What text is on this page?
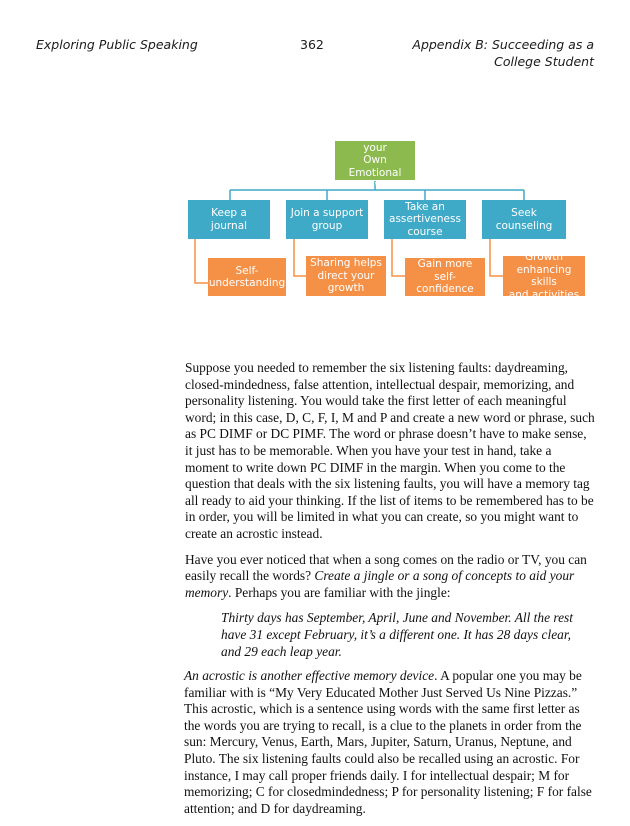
Exploring Public Speaking	362	Appendix B: Succeeding as a
College Student
Fostering your
Own Emotional
Growth
Keep a journal
Join a support
group
Take an
assertiveness
course
Seek counseling
Self-
understanding
Sharing helps
direct your
growth
Gain more self-
confidence
Growth
enhancing skills
and activities

Suppose you needed to remember the six listening faults: daydreaming, closed-mindedness, false attention, intellectual despair, memorizing, and personality listening. You would take the first letter of each meaningful word; in this case, D, C, F, I, M and P and create a new word or phrase, such as PC DIMF or DC PIMF. The word or phrase doesn’t have to make sense, it just has to be memorable. When you have your test in hand, take a moment to write down PC DIMF in the margin. When you come to the question that deals with the six listening faults, you will have a memory tag all ready to aid your thinking. If the list of items to be remembered has to be in order, you will be limited in what you can create, so you might want to create an acrostic instead.

Have you ever noticed that when a song comes on the radio or TV, you can easily recall the words? Create a jingle or a song of concepts to aid your memory. Perhaps you are familiar with the jingle:

Thirty days has September, April, June and November. All the rest have 31 except February, it’s a different one. It has 28 days clear, and 29 each leap year.

An acrostic is another effective memory device. A popular one you may be familiar with is “My Very Educated Mother Just Served Us Nine Pizzas.” This acrostic, which is a sentence using words with the same first letter as the words you are trying to recall, is a clue to the planets in order from the sun: Mercury, Venus, Earth, Mars, Jupiter, Saturn, Uranus, Neptune, and Pluto. The six listening faults could also be recalled using an acrostic. For instance, I may call proper friends daily. I for intellectual despair; M for memorizing; C for closedmindedness; P for personality listening; F for false attention; and D for daydreaming.
